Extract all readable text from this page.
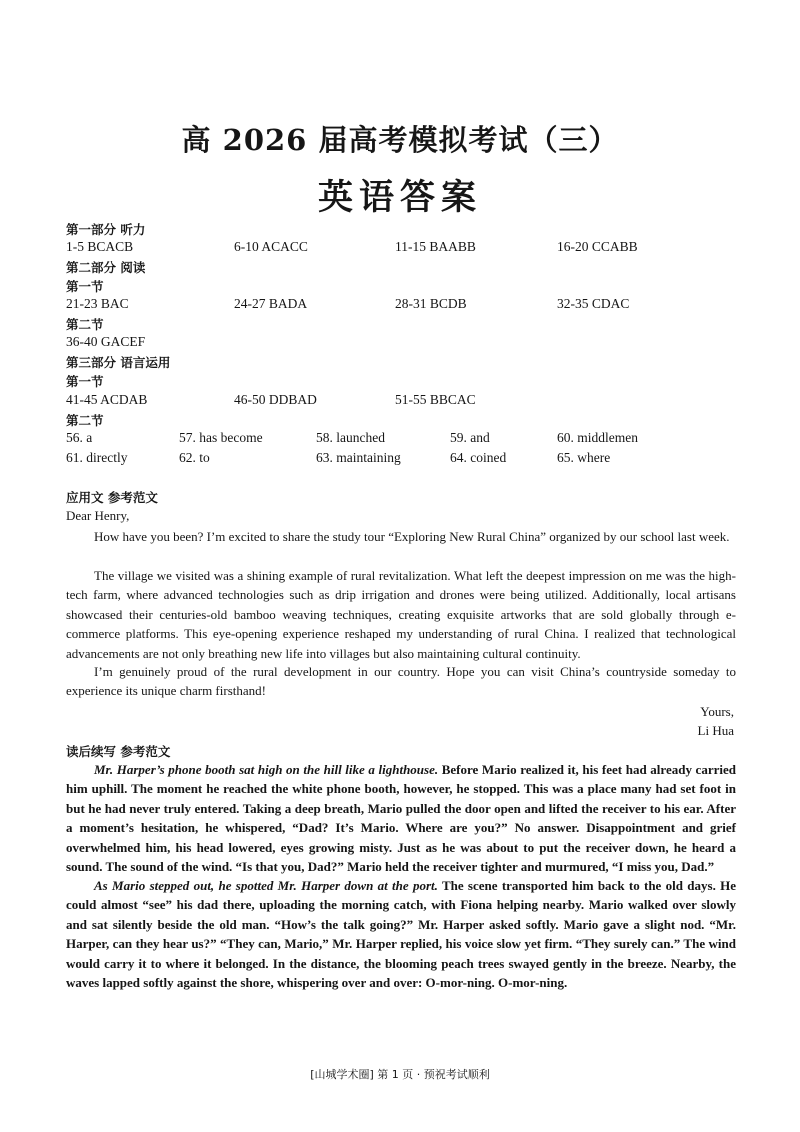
高 2026 届高考模拟考试（三）
英语答案
第一部分 听力
1-5 BCACB	6-10 ACACC	11-15 BAABB	16-20 CCABB
第二部分 阅读
第一节
21-23 BAC	24-27 BADA	28-31 BCDB	32-35 CDAC
第二节
36-40 GACEF
第三部分 语言运用
第一节
41-45 ACDAB	46-50 DDBAD	51-55 BBCAC
第二节
56. a	57. has become	58. launched	59. and	60. middlemen
61. directly	62. to	63. maintaining	64. coined	65. where
应用文 参考范文
Dear Henry,

How have you been? I’m excited to share the study tour “Exploring New Rural China” organized by our school last week.

The village we visited was a shining example of rural revitalization. What left the deepest impression on me was the high-tech farm, where advanced technologies such as drip irrigation and drones were being utilized. Additionally, local artisans showcased their centuries-old bamboo weaving techniques, creating exquisite artworks that are sold globally through e-commerce platforms. This eye-opening experience reshaped my understanding of rural China. I realized that technological advancements are not only breathing new life into villages but also maintaining cultural continuity.

I’m genuinely proud of the rural development in our country. Hope you can visit China’s countryside someday to experience its unique charm firsthand!

Yours,
Li Hua
读后续写 参考范文

Mr. Harper’s phone booth sat high on the hill like a lighthouse. Before Mario realized it, his feet had already carried him uphill. The moment he reached the white phone booth, however, he stopped. This was a place many had set foot in but he had never truly entered. Taking a deep breath, Mario pulled the door open and lifted the receiver to his ear. After a moment’s hesitation, he whispered, “Dad? It’s Mario. Where are you?” No answer. Disappointment and grief overwhelmed him, his head lowered, eyes growing misty. Just as he was about to put the receiver down, he heard a sound. The sound of the wind. “Is that you, Dad?” Mario held the receiver tighter and murmured, “I miss you, Dad.”

As Mario stepped out, he spotted Mr. Harper down at the port. The scene transported him back to the old days. He could almost “see” his dad there, uploading the morning catch, with Fiona helping nearby. Mario walked over slowly and sat silently beside the old man. “How’s the talk going?” Mr. Harper asked softly. Mario gave a slight nod. “Mr. Harper, can they hear us?” “They can, Mario,” Mr. Harper replied, his voice slow yet firm. “They surely can.” The wind would carry it to where it belonged. In the distance, the blooming peach trees swayed gently in the breeze. Nearby, the waves lapped softly against the shore, whispering over and over: O-mor-ning. O-mor-ning.

[山城学术圈] 第 1 页 · 预祝考试顺利
